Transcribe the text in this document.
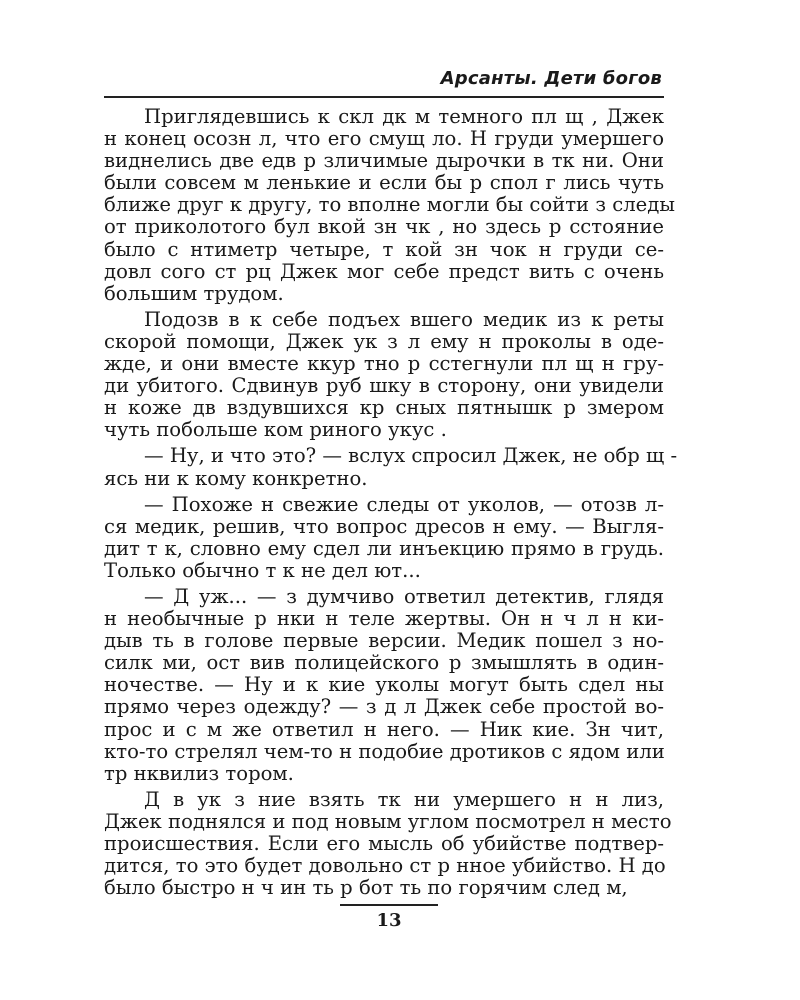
Арсанты. Дети богов
Приглядевшись к скл дк м темного пл щ , Джек
н конец осозн л, что его смущ ло. Н груди умершего
виднелись две едв р зличимые дырочки в тк ни. Они
были совсем м ленькие и если бы р спол г лись чуть
ближе друг к другу, то вполне могли бы сойти з следы
от приколотого бул вкой зн чк , но здесь р сстояние
было с нтиметр четыре, т кой зн чок н груди се-
довл сого ст рц Джек мог себе предст вить с очень
большим трудом.
Подозв в к себе подъех вшего медик из к реты
скорой помощи, Джек ук з л ему н проколы в оде-
жде, и они вместе ккур тно р сстегнули пл щ н гру-
ди убитого. Сдвинув руб шку в сторону, они увидели
н коже дв вздувшихся кр сных пятнышк р змером
чуть побольше ком риного укус .
— Ну, и что это? — вслух спросил Джек, не обр щ -
ясь ни к кому конкретно.
— Похоже н свежие следы от уколов, — отозв л-
ся медик, решив, что вопрос дресов н ему. — Выгля-
дит т к, словно ему сдел ли инъекцию прямо в грудь.
Только обычно т к не дел ют...
— Д уж... — з думчиво ответил детектив, глядя
н необычные р нки н теле жертвы. Он н ч л н ки-
дыв ть в голове первые версии. Медик пошел з но-
силк ми, ост вив полицейского р змышлять в один-
ночестве. — Ну и к кие уколы могут быть сдел ны
прямо через одежду? — з д л Джек себе простой во-
прос и с м же ответил н него. — Ник кие. Зн чит,
кто-то стрелял чем-то н подобие дротиков с ядом или
тр нквилиз тором.
Д в ук з ние взять тк ни умершего н н лиз,
Джек поднялся и под новым углом посмотрел н место
происшествия. Если его мысль об убийстве подтвер-
дится, то это будет довольно ст р нное убийство. Н до
было быстро н ч ин ть р бот ть по горячим след м,
13
